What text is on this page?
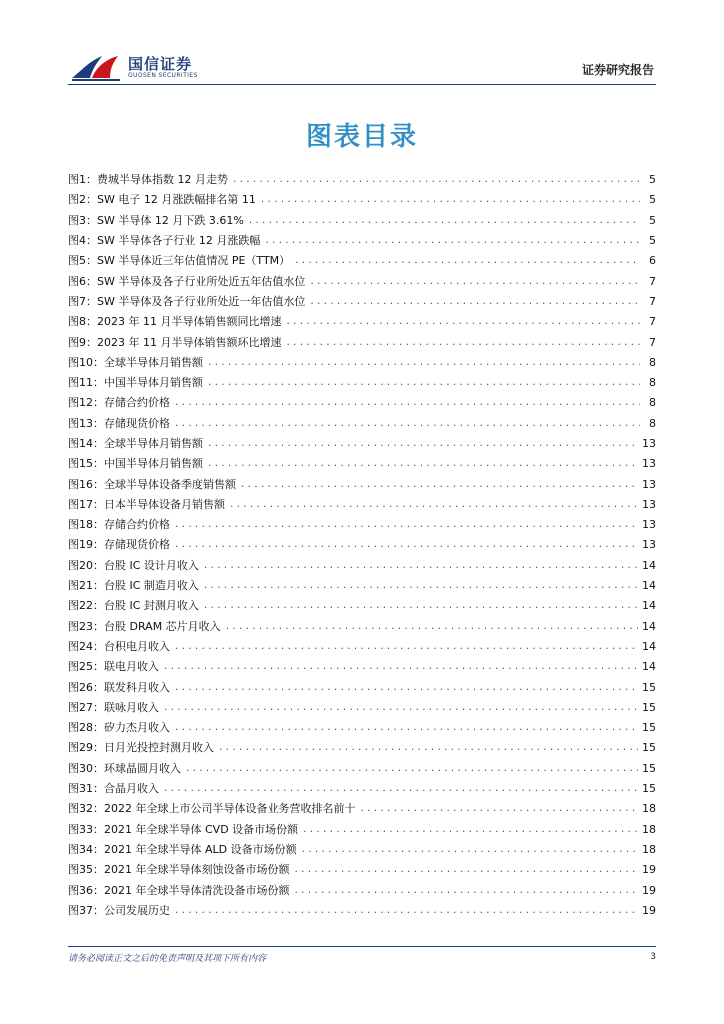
国信证券
GUOSEN SECURITIES	证券研究报告
图表目录
图1： 费城半导体指数 12 月走势 .....	5
图2： SW 电子 12 月涨跌幅排名第 11 .....	5
图3： SW 半导体 12 月下跌 3.61% .....	5
图4： SW 半导体各子行业 12 月涨跌幅 .....	5
图5： SW 半导体近三年估值情况 PE（TTM） .....	6
图6： SW 半导体及各子行业所处近五年估值水位 .....	7
图7： SW 半导体及各子行业所处近一年估值水位 .....	7
图8： 2023 年 11 月半导体销售额同比增速 .....	7
图9： 2023 年 11 月半导体销售额环比增速 .....	7
图10： 全球半导体月销售额 .....	8
图11： 中国半导体月销售额 .....	8
图12： 存储合约价格 .....	8
图13： 存储现货价格 .....	8
图14： 全球半导体月销售额 .....	13
图15： 中国半导体月销售额 .....	13
图16： 全球半导体设备季度销售额 .....	13
图17： 日本半导体设备月销售额 .....	13
图18： 存储合约价格 .....	13
图19： 存储现货价格 .....	13
图20： 台股 IC 设计月收入 .....	14
图21： 台股 IC 制造月收入 .....	14
图22： 台股 IC 封测月收入 .....	14
图23： 台股 DRAM 芯片月收入 .....	14
图24： 台积电月收入 .....	14
图25： 联电月收入 .....	14
图26： 联发科月收入 .....	15
图27： 联咏月收入 .....	15
图28： 矽力杰月收入 .....	15
图29： 日月光投控封测月收入 .....	15
图30： 环球晶圆月收入 .....	15
图31： 合晶月收入 .....	15
图32： 2022 年全球上市公司半导体设备业务营收排名前十 .....	18
图33： 2021 年全球半导体 CVD 设备市场份额 .....	18
图34： 2021 年全球半导体 ALD 设备市场份额 .....	18
图35： 2021 年全球半导体刻蚀设备市场份额 .....	19
图36： 2021 年全球半导体清洗设备市场份额 .....	19
图37： 公司发展历史 .....	19
请务必阅读正文之后的免责声明及其项下所有内容	3
